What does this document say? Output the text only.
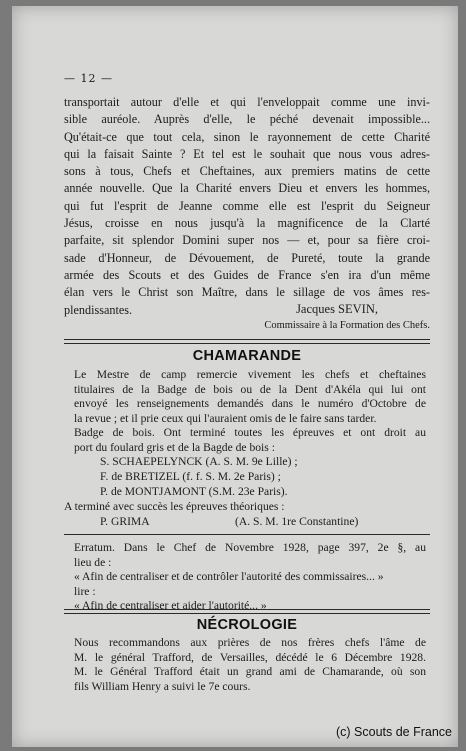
— 12 —
transportait autour d'elle et qui l'enveloppait comme une invi-
sible auréole. Auprès d'elle, le péché devenait impossible...
Qu'était-ce que tout cela, sinon le rayonnement de cette Charité
qui la faisait Sainte ? Et tel est le souhait que nous vous adres-
sons à tous, Chefs et Cheftaines, aux premiers matins de cette
année nouvelle. Que la Charité envers Dieu et envers les hommes,
qui fut l'esprit de Jeanne comme elle est l'esprit du Seigneur
Jésus, croisse en nous jusqu'à la magnificence de la Clarté
parfaite, sit splendor Domini super nos — et, pour sa fière croi-
sade d'Honneur, de Dévouement, de Pureté, toute la grande
armée des Scouts et des Guides de France s'en ira d'un même
élan vers le Christ son Maître, dans le sillage de vos âmes res-
plendissantes.	Jacques SEVIN,
Commissaire à la Formation des Chefs.
CHAMARANDE
Le Mestre de camp remercie vivement les chefs et cheftaines
titulaires de la Badge de bois ou de la Dent d'Akéla qui lui ont
envoyé les renseignements demandés dans le numéro d'Octobre de
la revue ; et il prie ceux qui l'auraient omis de le faire sans tarder.
Badge de bois. Ont terminé toutes les épreuves et ont droit au
port du foulard gris et de la Bagde de bois :
S. SCHAEPELYNCK (A. S. M. 9e Lille) ;
F. de BRETIZEL (f. f. S. M. 2e Paris) ;
P. de MONTJAMONT (S.M. 23e Paris).
A terminé avec succès les épreuves théoriques :
P. GRIMA	(A. S. M. 1re Constantine)
Erratum. Dans le Chef de Novembre 1928, page 397, 2e §, au
lieu de :
« Afin de centraliser et de contrôler l'autorité des commissaires... »
lire :
« Afin de centraliser et aider l'autorité... »
NÉCROLOGIE
Nous recommandons aux prières de nos frères chefs l'âme de
M. le général Trafford, de Versailles, décédé le 6 Décembre 1928.
M. le Général Trafford était un grand ami de Chamarande, où son
fils William Henry a suivi le 7e cours.
(c) Scouts de France
